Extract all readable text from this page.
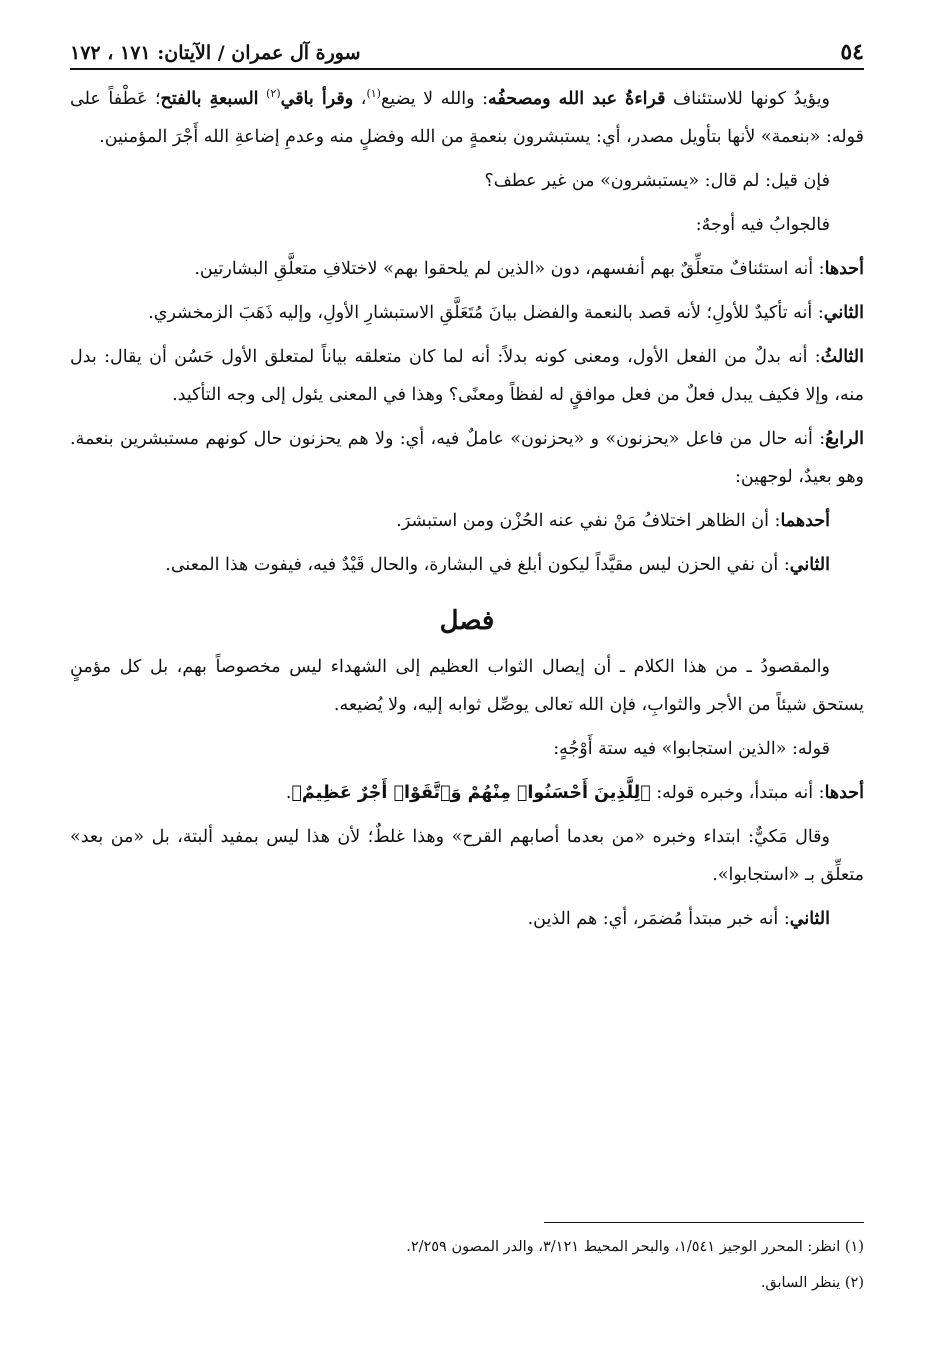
٥٤
سورة آل عمران / الآيتان: ١٧١ ، ١٧٢

ويؤيدُ كونها للاستئناف قراءةُ عبد الله ومصحفُه: والله لا يضيع$^{(١)}$، وقرأ باقي$^{(٢)}$ السبعةِ بالفتح؛ عَطْفاً على قوله: «بنعمة» لأنها بتأويل مصدر، أي: يستبشرون بنعمةٍ من الله وفضلٍ منه وعدمِ إضاعةِ الله أَجْرَ المؤمنين.

فإن قيل: لم قال: «يستبشرون» من غير عطف؟

فالجوابُ فيه أوجهٌ:

أحدها: أنه استئنافٌ متعلِّقٌ بهم أنفسهم، دون «الذين لم يلحقوا بهم» لاختلافِ متعلَّقِ البشارتين.

الثاني: أنه تأكيدٌ للأولِ؛ لأنه قصد بالنعمة والفضل بيانَ مُتَعَلَّقِ الاستبشارِ الأولِ، وإليه ذَهَبَ الزمخشري.

الثالثُ: أنه بدلٌ من الفعل الأول، ومعنى كونه بدلاً: أنه لما كان متعلقه بياناً لمتعلق الأول حَسُن أن يقال: بدل منه، وإلا فكيف يبدل فعلٌ من فعل موافقٍ له لفظاً ومعنًى؟ وهذا في المعنى يئول إلى وجه التأكيد.

الرابعُ: أنه حال من فاعل «يحزنون» و «يحزنون» عاملٌ فيه، أي: ولا هم يحزنون حال كونهم مستبشرين بنعمة. وهو بعيدٌ، لوجهين:

أحدهما: أن الظاهر اختلافُ مَنْ نفي عنه الحُزْن ومن استبشرَ.

الثاني: أن نفي الحزن ليس مقيَّداً ليكون أبلغ في البشارة، والحال قَيْدٌ فيه، فيفوت هذا المعنى.

فصل

والمقصودُ ـ من هذا الكلام ـ أن إيصال الثواب العظيم إلى الشهداء ليس مخصوصاً بهم، بل كل مؤمنٍ يستحق شيئاً من الأجر والثوابِ، فإن الله تعالى يوصِّل ثوابه إليه، ولا يُضيعه.

قوله: «الذين استجابوا» فيه ستة أَوْجُهٍ:

أحدها: أنه مبتدأ، وخبره قوله: ﴿لِلَّذِينَ أَحْسَنُوا۟ مِنْهُمْ وَٱتَّقَوْا۟ أَجْرٌ عَظِيمٌ﴾.

وقال مَكيٌّ: ابتداء وخبره «من بعدما أصابهم القرح» وهذا غلطٌ؛ لأن هذا ليس بمفيد ألبتة، بل «من بعد» متعلِّق بـ «استجابوا».

الثاني: أنه خبر مبتدأ مُضمَر، أي: هم الذين.

(١) انظر: المحرر الوجيز ١/٥٤١، والبحر المحيط ٣/١٢١، والدر المصون ٢/٢٥٩.

(٢) ينظر السابق.
